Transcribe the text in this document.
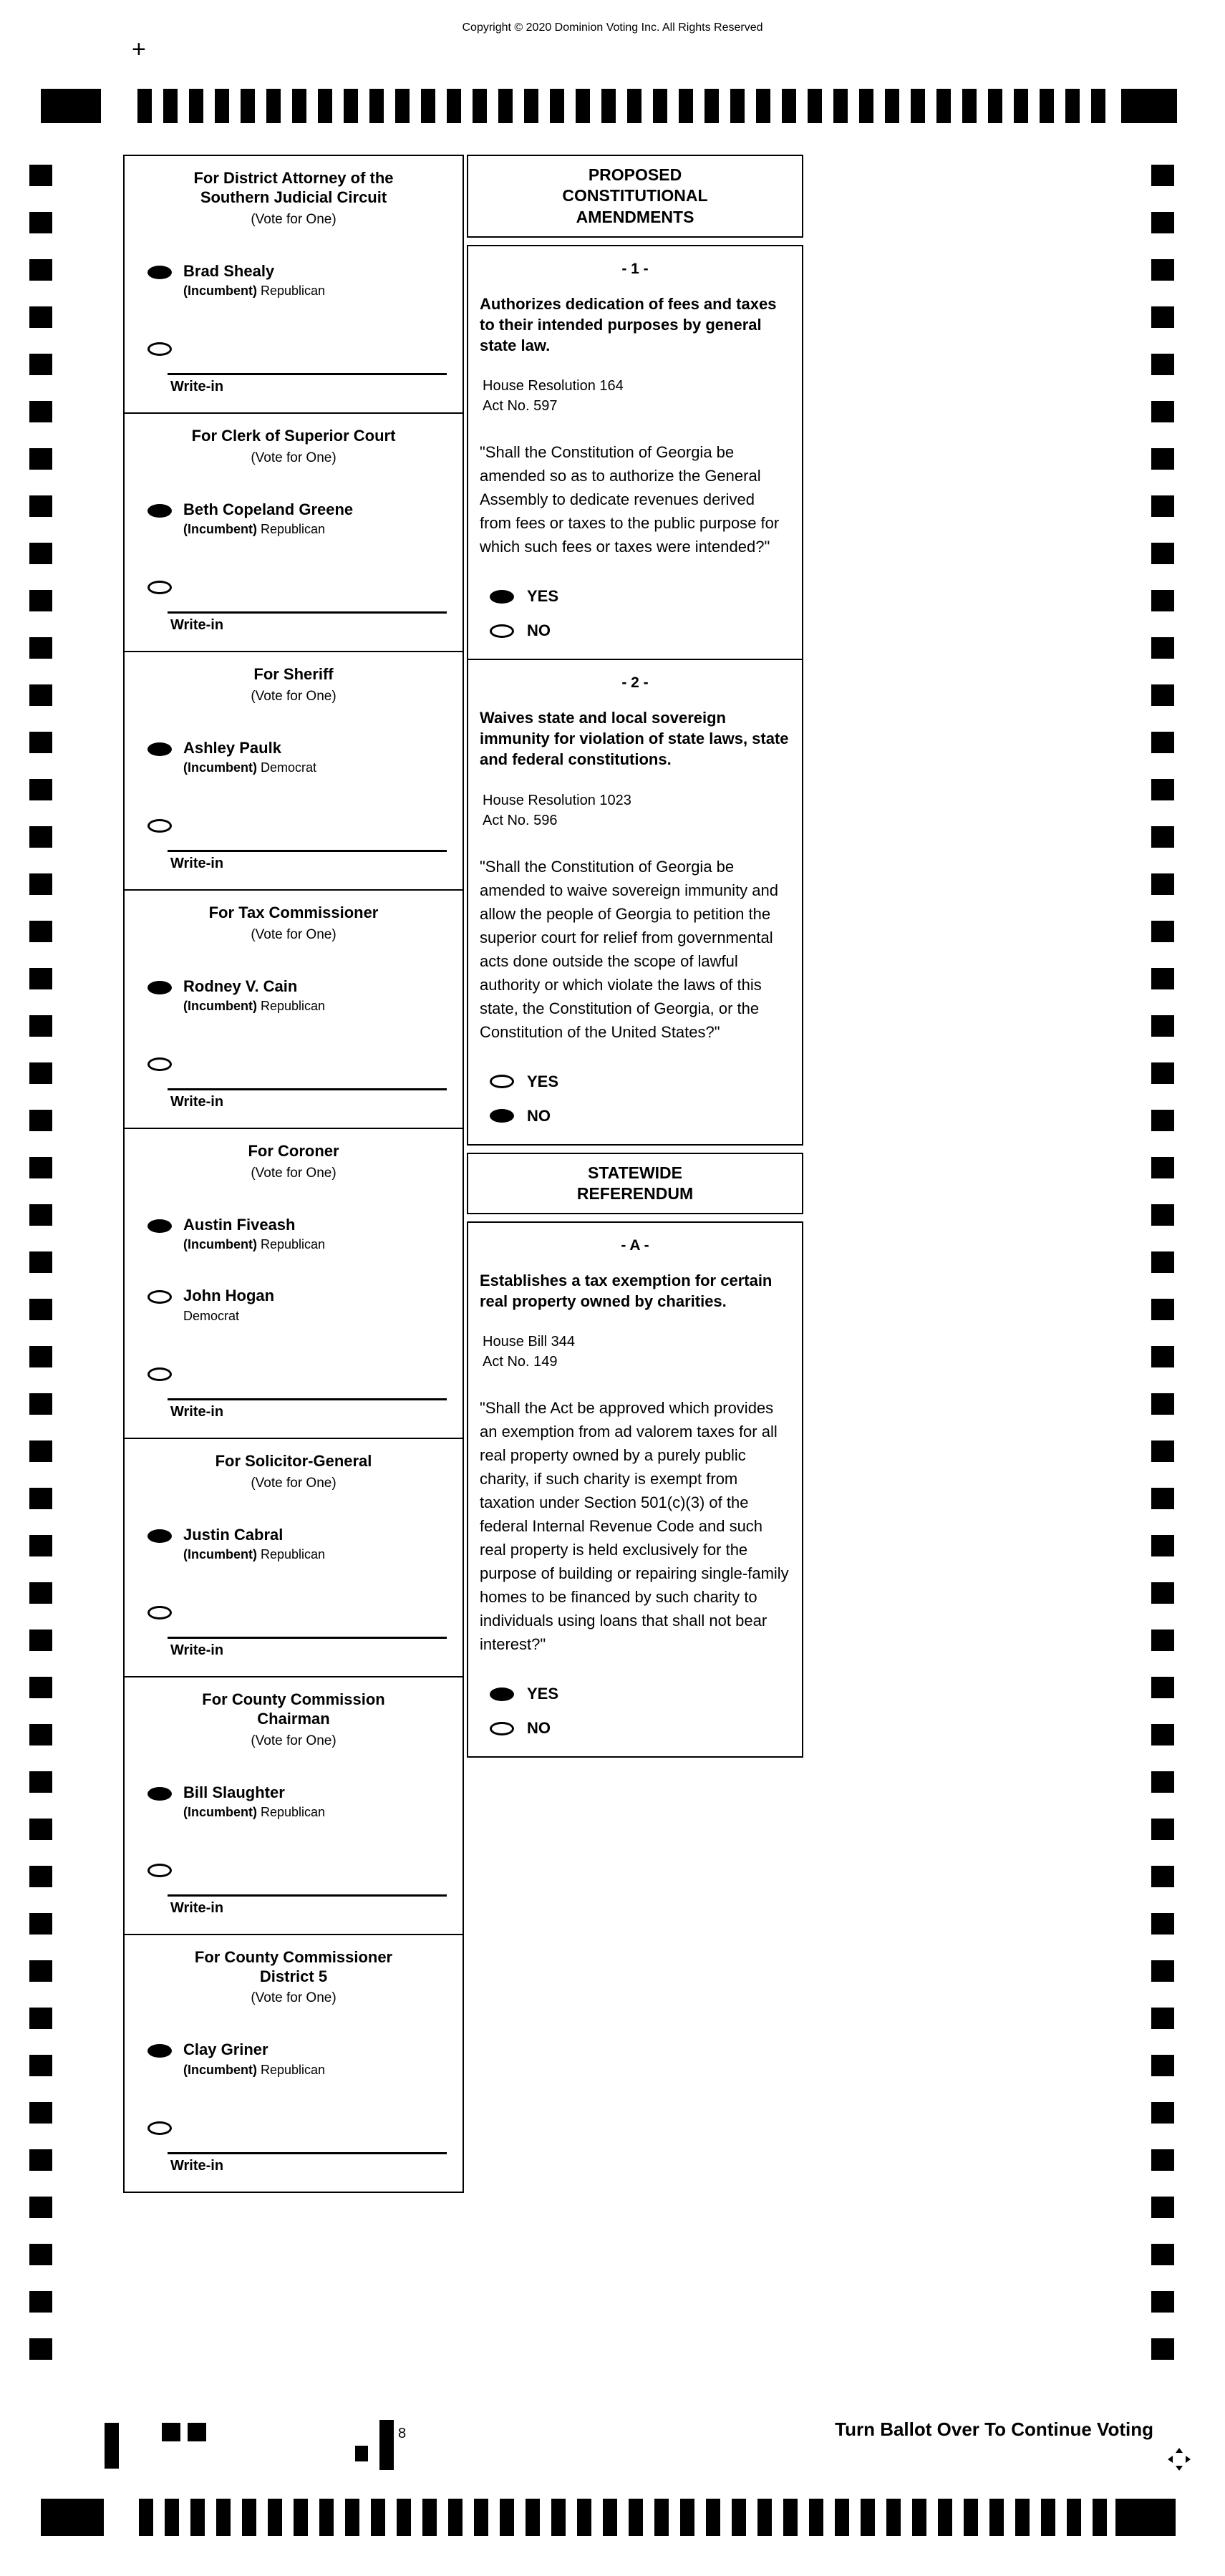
Copyright © 2020 Dominion Voting Inc. All Rights Reserved
+
For District Attorney of the
Southern Judicial Circuit
(Vote for One)
Brad Shealy
(Incumbent) Republican
Write-in
For Clerk of Superior Court
(Vote for One)
Beth Copeland Greene
(Incumbent) Republican
Write-in
For Sheriff
(Vote for One)
Ashley Paulk
(Incumbent) Democrat
Write-in
For Tax Commissioner
(Vote for One)
Rodney V. Cain
(Incumbent) Republican
Write-in
For Coroner
(Vote for One)
Austin Fiveash
(Incumbent) Republican
John Hogan
Democrat
Write-in
For Solicitor-General
(Vote for One)
Justin Cabral
(Incumbent) Republican
Write-in
For County Commission
Chairman
(Vote for One)
Bill Slaughter
(Incumbent) Republican
Write-in
For County Commissioner
District 5
(Vote for One)
Clay Griner
(Incumbent) Republican
Write-in
PROPOSED
CONSTITUTIONAL
AMENDMENTS
- 1 -
Authorizes dedication of fees and taxes to their intended purposes by general state law.
House Resolution 164
Act No. 597
"Shall the Constitution of Georgia be amended so as to authorize the General Assembly to dedicate revenues derived from fees or taxes to the public purpose for which such fees or taxes were intended?"
YES
NO
- 2 -
Waives state and local sovereign immunity for violation of state laws, state and federal constitutions.
House Resolution 1023
Act No. 596
"Shall the Constitution of Georgia be amended to waive sovereign immunity and allow the people of Georgia to petition the superior court for relief from governmental acts done outside the scope of lawful authority or which violate the laws of this state, the Constitution of Georgia, or the Constitution of the United States?"
YES
NO
STATEWIDE
REFERENDUM
- A -
Establishes a tax exemption for certain real property owned by charities.
House Bill 344
Act No. 149
"Shall the Act be approved which provides an exemption from ad valorem taxes for all real property owned by a purely public charity, if such charity is exempt from taxation under Section 501(c)(3) of the federal Internal Revenue Code and such real property is held exclusively for the purpose of building or repairing single-family homes to be financed by such charity to individuals using loans that shall not bear interest?"
YES
NO
8	Turn Ballot Over To Continue Voting
